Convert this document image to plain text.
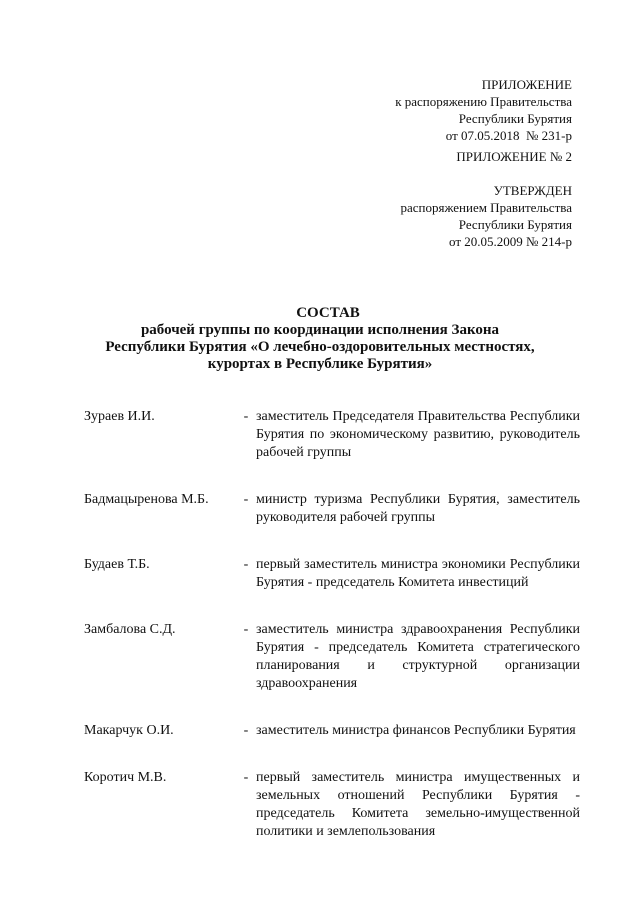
ПРИЛОЖЕНИЕ
к распоряжению Правительства
Республики Бурятия
от 07.05.2018  № 231-р
ПРИЛОЖЕНИЕ № 2
УТВЕРЖДЕН
распоряжением Правительства
Республики Бурятия
от 20.05.2009 № 214-р
СОСТАВ
рабочей группы по координации исполнения Закона
Республики Бурятия «О лечебно-оздоровительных местностях,
курортах в Республике Бурятия»
Зураев И.И.	- заместитель Председателя Правительства Республики Бурятия по экономическому развитию, руководитель рабочей группы
Бадмацыренова М.Б.	- министр туризма Республики Бурятия, заместитель руководителя рабочей группы
Будаев Т.Б.	- первый заместитель министра экономики Республики Бурятия - председатель Комитета инвестиций
Замбалова С.Д.	- заместитель министра здравоохранения Республики Бурятия - председатель Комитета стратегического планирования и структурной организации здравоохранения
Макарчук О.И.	- заместитель министра финансов Республики Бурятия
Коротич М.В.	- первый заместитель министра имущественных и земельных отношений Республики Бурятия - председатель Комитета земельно-имущественной политики и землепользования
